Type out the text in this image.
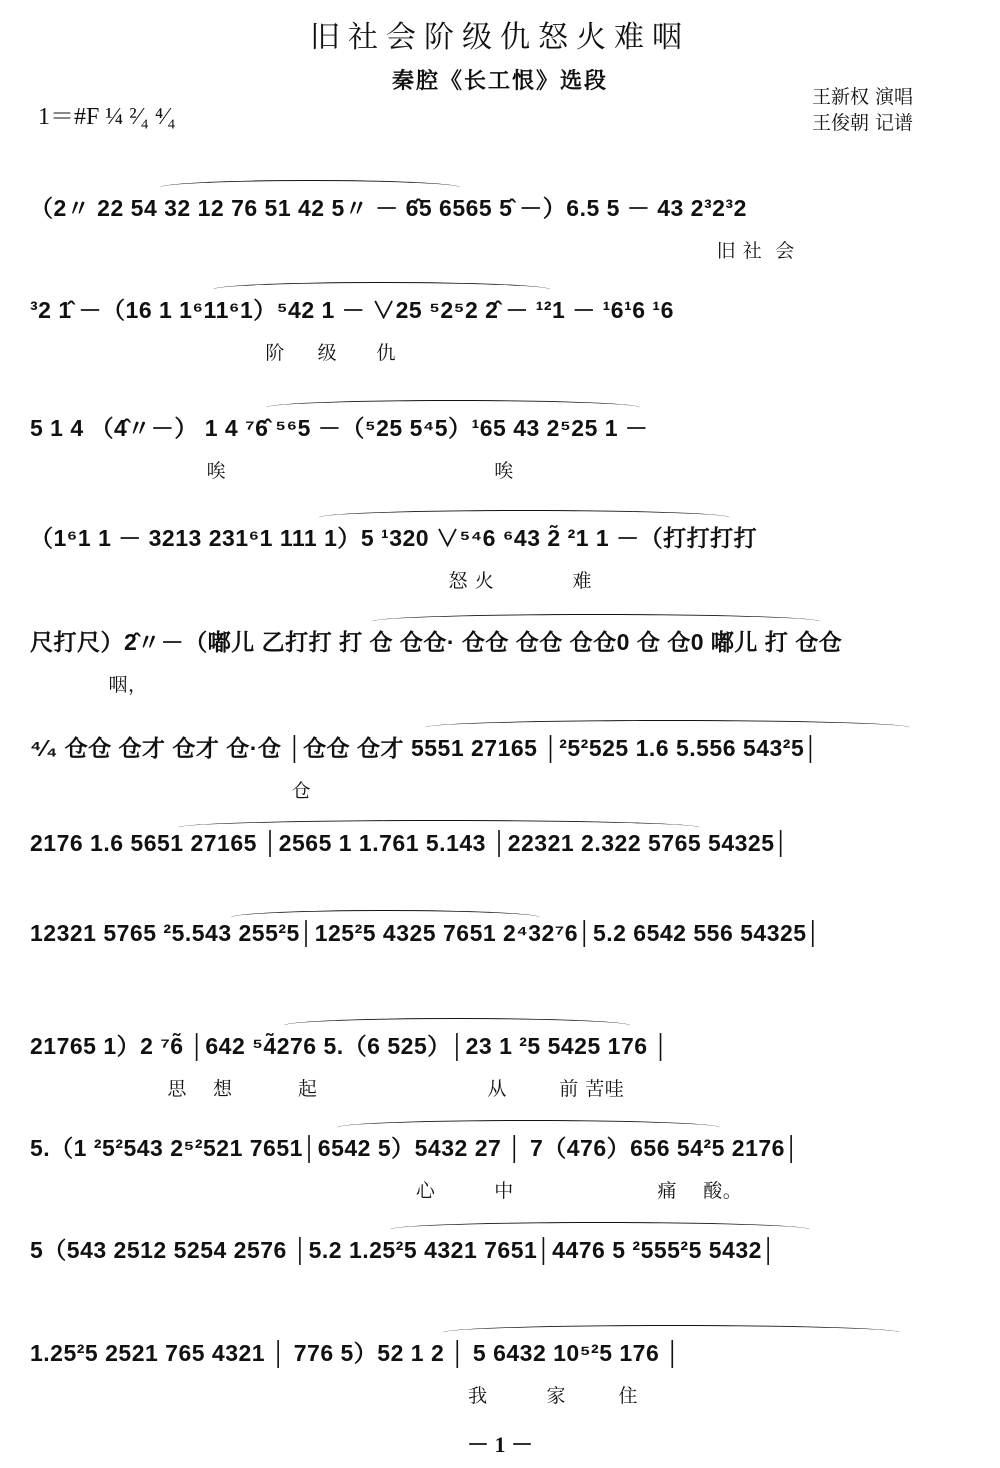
旧社会阶级仇怒火难咽
秦腔《长工恨》选段
1＝#F ¼ ²⁄₄ ⁴⁄₄
王新权 演唱
王俊朝 记谱
（2〃 22 54 32 12 76 51 42 5〃 － 6̂5 6565 5̂ －）6.5 5 － 43 2³2³2
旧 社  会
³2 1̂ －（16 1 1⁶11⁶1）⁵42 1 － ∨25 ⁵2⁵2 2̂ － ¹²1 － ¹6¹6 ¹6
阶     级      仇
5 1 4 （4̂〃－） 1 4 ⁷6̂ ⁵⁶5 －（⁵25 5⁴5）¹65 43 2⁵25 1 －
唉                                         唉
（1⁶1 1 － 3213 231⁶1 111 1）5 ¹320 ∨⁵⁴6 ⁶43 2̃ ²1 1 －（打打打打
怒 火            难
尺打尺）2̂〃－（嘟儿 乙打打 打 仓 仓仓· 仓仓 仓仓 仓仓0 仓 仓0 嘟儿 打 仓仓
咽，
⁴⁄₄ 仓仓 仓才 仓才 仓·仓 │仓仓 仓才 5551 27165 │²5²525 1.6 5.556 543²5│
仓
2176 1.6 5651 27165 │2565 1 1.761 5.143 │22321 2.322 5765 54325│
12321 5765 ²5.543 255²5│125²5 4325 7651 2⁴32⁷6│5.2 6542 556 54325│
21765 1）2 ⁷6̃ │642 ⁵4̃276 5.（6 525）│23 1 ²5 5425 176 │
思    想          起                          从        前 苦哇
5.（1 ²5²543 2⁵²521 7651│6542 5）5432 27 │ 7（476）656 54²5 2176│
心         中                      痛    酸。
5（543 2512 5254 2576 │5.2 1.25²5 4321 7651│4476 5 ²555²5 5432│
1.25²5 2521 765 4321 │ 776 5）52 1 2 │ 5 6432 10⁵²5 176 │
我         家        住
－ 1 －
